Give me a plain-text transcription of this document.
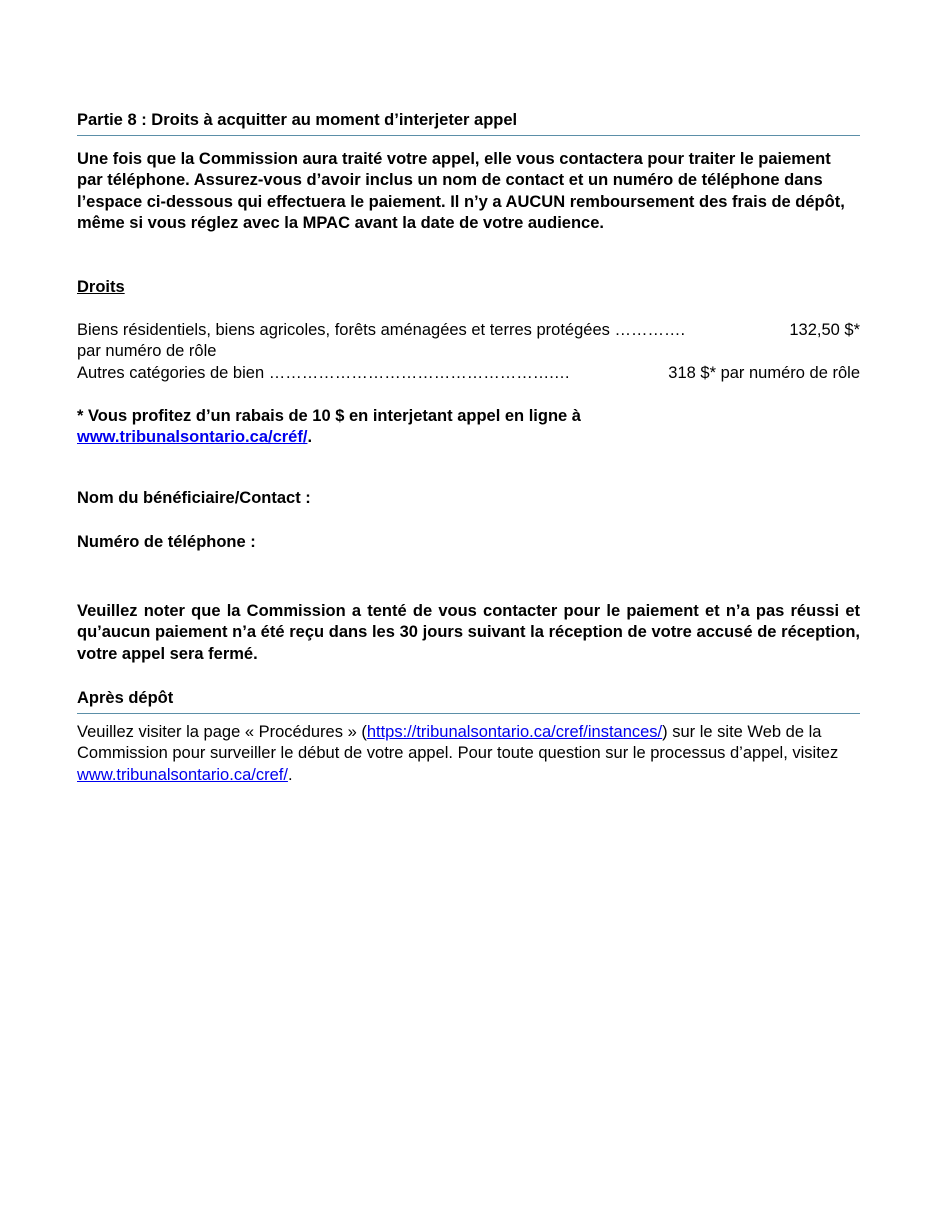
Partie 8 : Droits à acquitter au moment d’interjeter appel

Une fois que la Commission aura traité votre appel, elle vous contactera pour traiter le paiement par téléphone. Assurez-vous d’avoir inclus un nom de contact et un numéro de téléphone dans l’espace ci-dessous qui effectuera le paiement. Il n’y a AUCUN remboursement des frais de dépôt, même si vous réglez avec la MPAC avant la date de votre audience.

Droits

Biens résidentiels, biens agricoles, forêts aménagées et terres protégées ………….	132,50 $*
par numéro de rôle
Autres catégories de bien …………………………………………….…	318 $* par numéro de rôle
* Vous profitez d’un rabais de 10 $ en interjetant appel en ligne à
www.tribunalsontario.ca/créf/.

Nom du bénéficiaire/Contact :

Numéro de téléphone :

Veuillez noter que la Commission a tenté de vous contacter pour le paiement et n’a pas réussi et qu’aucun paiement n’a été reçu dans les 30 jours suivant la réception de votre accusé de réception, votre appel sera fermé.

Après dépôt

Veuillez visiter la page « Procédures » (https://tribunalsontario.ca/cref/instances/) sur le site Web de la Commission pour surveiller le début de votre appel. Pour toute question sur le processus d’appel, visitez www.tribunalsontario.ca/cref/.
